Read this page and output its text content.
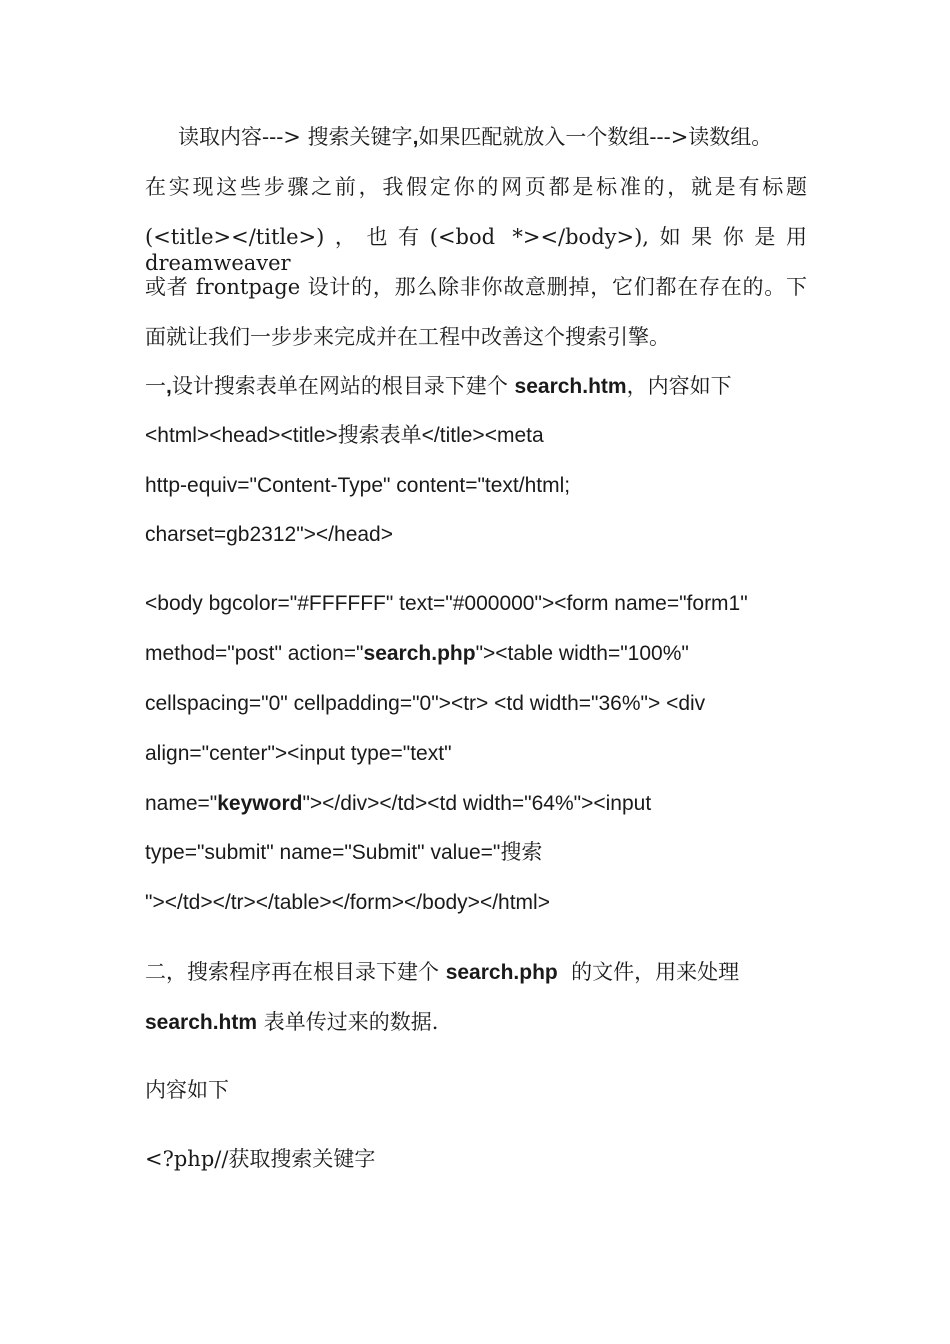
读取内容---> 搜索关键字,如果匹配就放入一个数组--->读数组。
在实现这些步骤之前，我假定你的网页都是标准的，就是有标题
(<title></title>)，也有(<bod *></body>),如果你是用 dreamweaver
或者 frontpage 设计的，那么除非你故意删掉，它们都在存在的。下
面就让我们一步步来完成并在工程中改善这个搜索引擎。
一,设计搜索表单在网站的根目录下建个 search.htm，内容如下
<html><head><title>搜索表单</title><meta
http-equiv="Content-Type" content="text/html;
charset=gb2312"></head>
<body bgcolor="#FFFFFF" text="#000000"><form name="form1"
method="post" action="search.php"><table width="100%"
cellspacing="0" cellpadding="0"><tr> <td width="36%"> <div
align="center"><input type="text"
name="keyword"></div></td><td width="64%"><input
type="submit" name="Submit" value="搜索
"></td></tr></table></form></body></html>
二，搜索程序再在根目录下建个 search.php  的文件，用来处理
search.htm 表单传过来的数据.
内容如下
<?php//获取搜索关键字
